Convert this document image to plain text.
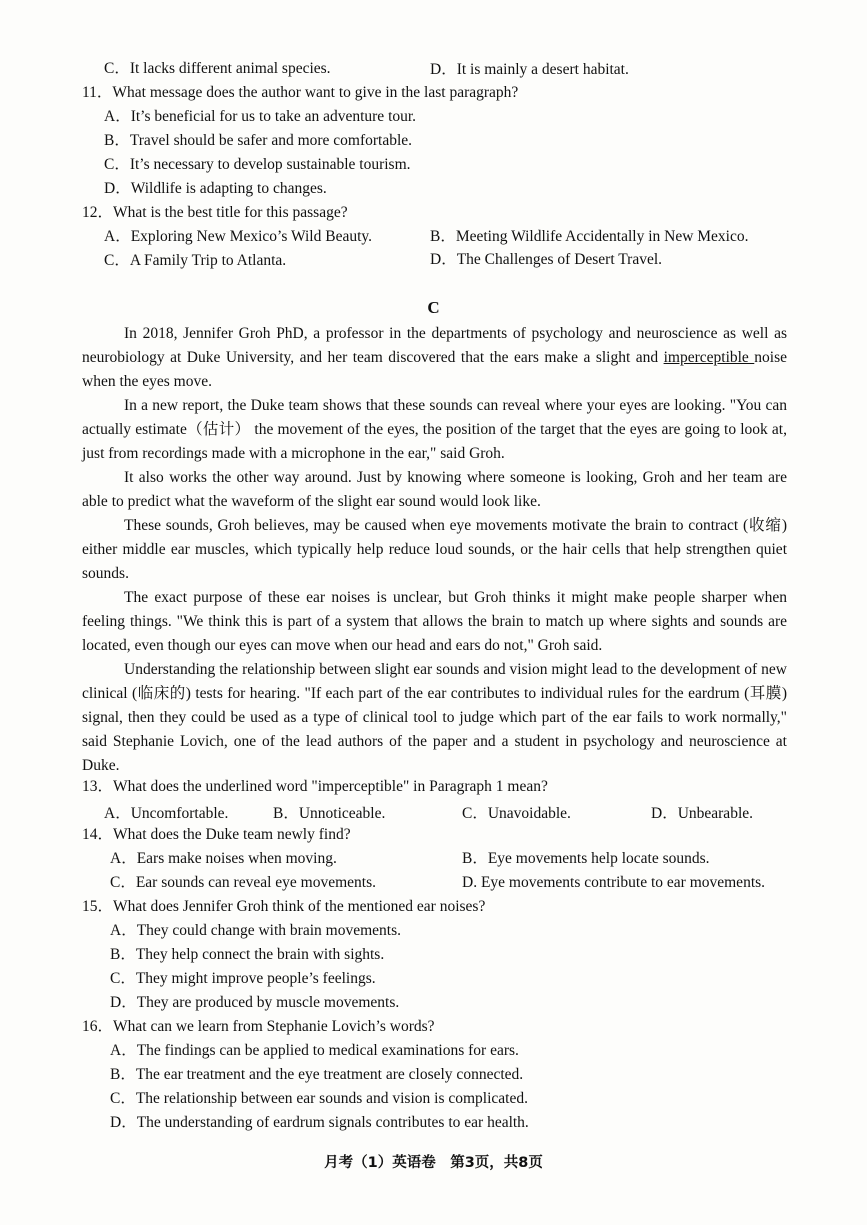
C．It lacks different animal species.	D．It is mainly a desert habitat.
11．What message does the author want to give in the last paragraph?
A．It’s beneficial for us to take an adventure tour.
B．Travel should be safer and more comfortable.
C．It’s necessary to develop sustainable tourism.
D．Wildlife is adapting to changes.
12．What is the best title for this passage?
A．Exploring New Mexico’s Wild Beauty.	B．Meeting Wildlife Accidentally in New Mexico.
C．A Family Trip to Atlanta.	D．The Challenges of Desert Travel.
C

In 2018, Jennifer Groh PhD, a professor in the departments of psychology and neuroscience as well as neurobiology at Duke University, and her team discovered that the ears make a slight and imperceptible noise when the eyes move.

In a new report, the Duke team shows that these sounds can reveal where your eyes are looking. "You can actually estimate（估计） the movement of the eyes, the position of the target that the eyes are going to look at, just from recordings made with a microphone in the ear," said Groh.

It also works the other way around. Just by knowing where someone is looking, Groh and her team are able to predict what the waveform of the slight ear sound would look like.

These sounds, Groh believes, may be caused when eye movements motivate the brain to contract (收缩) either middle ear muscles, which typically help reduce loud sounds, or the hair cells that help strengthen quiet sounds.

The exact purpose of these ear noises is unclear, but Groh thinks it might make people sharper when feeling things. "We think this is part of a system that allows the brain to match up where sights and sounds are located, even though our eyes can move when our head and ears do not," Groh said.

Understanding the relationship between slight ear sounds and vision might lead to the development of new clinical (临床的) tests for hearing. "If each part of the ear contributes to individual rules for the eardrum (耳膜) signal, then they could be used as a type of clinical tool to judge which part of the ear fails to work normally," said Stephanie Lovich, one of the lead authors of the paper and a student in psychology and neuroscience at Duke.

13．What does the underlined word "imperceptible" in Paragraph 1 mean?
A．Uncomfortable.	B．Unnoticeable.	C．Unavoidable.	D．Unbearable.
14．What does the Duke team newly find?
A．Ears make noises when moving.	B．Eye movements help locate sounds.
C．Ear sounds can reveal eye movements.	D. Eye movements contribute to ear movements.
15．What does Jennifer Groh think of the mentioned ear noises?
A．They could change with brain movements.
B．They help connect the brain with sights.
C．They might improve people’s feelings.
D．They are produced by muscle movements.
16．What can we learn from Stephanie Lovich’s words?
A．The findings can be applied to medical examinations for ears.
B．The ear treatment and the eye treatment are closely connected.
C．The relationship between ear sounds and vision is complicated.
D．The understanding of eardrum signals contributes to ear health.
月考（1）英语卷　第3页，共8页
